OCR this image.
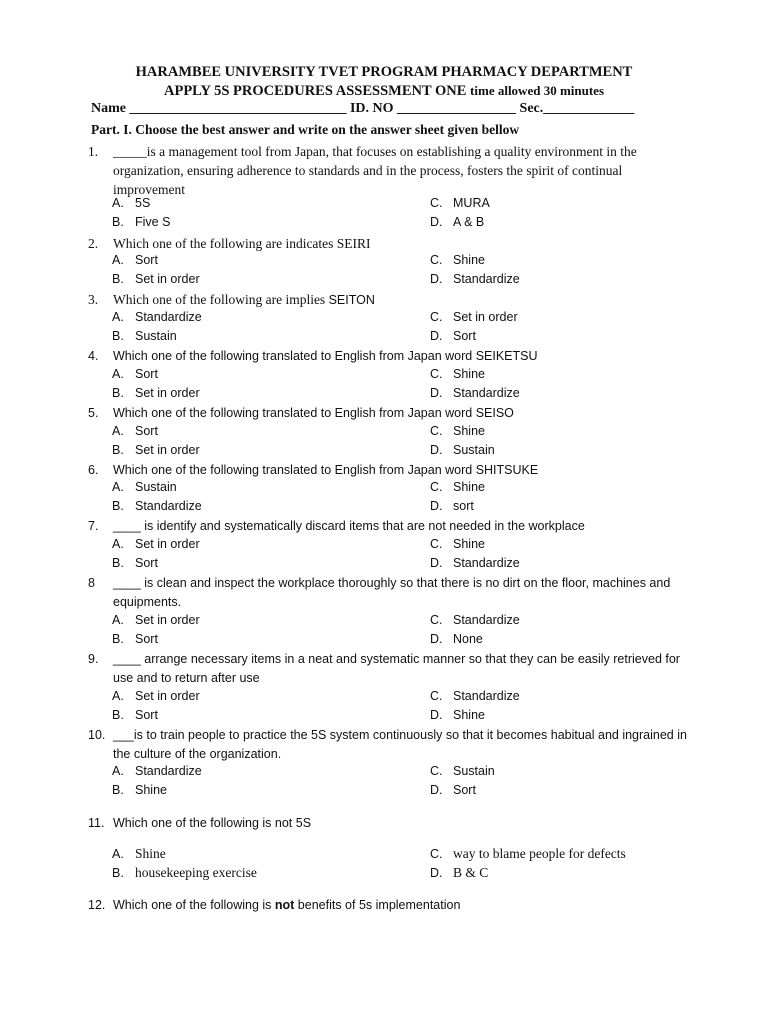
HARAMBEE UNIVERSITY TVET PROGRAM PHARMACY DEPARTMENT
APPLY 5S PROCEDURES ASSESSMENT ONE time allowed 30 minutes
Name _______________________________ ID. NO _________________ Sec._____________
Part. I. Choose the best answer and write on the answer sheet given bellow
1. _____is a management tool from Japan, that focuses on establishing a quality environment in the organization, ensuring adherence to standards and in the process, fosters the spirit of continual improvement
A. 5S	C. MURA
B. Five S	D. A & B
2. Which one of the following are indicates SEIRI
A. Sort	C. Shine
B. Set in order	D. Standardize
3. Which one of the following are implies SEITON
A. Standardize	C. Set in order
B. Sustain	D. Sort
4. Which one of the following translated to English from Japan word SEIKETSU
A. Sort	C. Shine
B. Set in order	D. Standardize
5. Which one of the following translated to English from Japan word SEISO
A. Sort	C. Shine
B. Set in order	D. Sustain
6. Which one of the following translated to English from Japan word SHITSUKE
A. Sustain	C. Shine
B. Standardize	D. sort
7. ____ is identify and systematically discard items that are not needed in the workplace
A. Set in order	C. Shine
B. Sort	D. Standardize
8 ____ is clean and inspect the workplace thoroughly so that there is no dirt on the floor, machines and equipments.
A. Set in order	C. Standardize
B. Sort	D. None
9. ____ arrange necessary items in a neat and systematic manner so that they can be easily retrieved for use and to return after use
A. Set in order	C. Standardize
B. Sort	D. Shine
10. ___is to train people to practice the 5S system continuously so that it becomes habitual and ingrained in the culture of the organization.
A. Standardize	C. Sustain
B. Shine	D. Sort
11. Which one of the following is not 5S
A. Shine	C. way to blame people for defects
B. housekeeping exercise	D. B & C
12. Which one of the following is not benefits of 5s implementation
